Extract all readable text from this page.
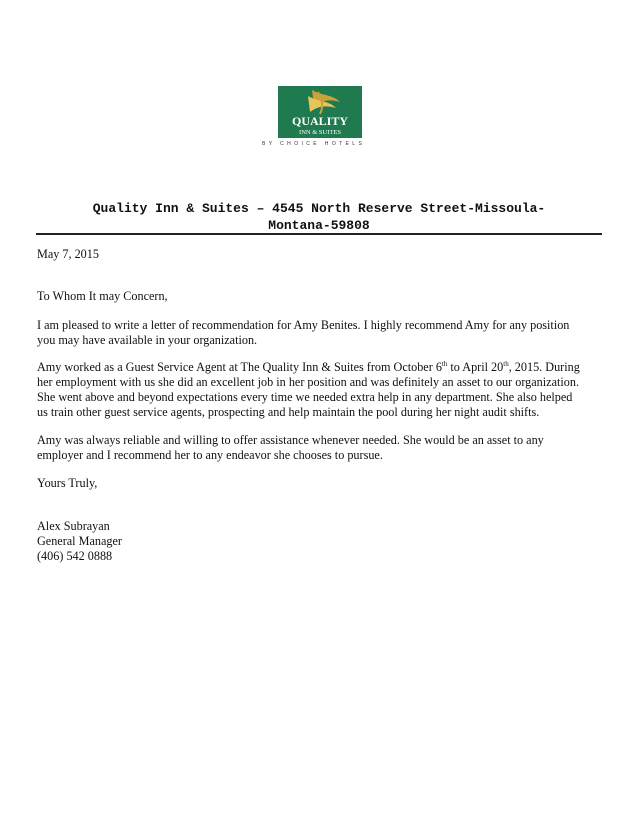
QUALITY
INN & SUITES
BY CHOICE HOTELS
Quality Inn & Suites – 4545 North Reserve Street-Missoula-
Montana-59808
May 7, 2015
To Whom It may Concern,
I am pleased to write a letter of recommendation for Amy Benites. I highly recommend Amy for any position
you may have available in your organization.
Amy worked as a Guest Service Agent at The Quality Inn & Suites from October 6th to April 20th, 2015. During
her employment with us she did an excellent job in her position and was definitely an asset to our organization.
She went above and beyond expectations every time we needed extra help in any department. She also helped
us train other guest service agents, prospecting and help maintain the pool during her night audit shifts.
Amy was always reliable and willing to offer assistance whenever needed. She would be an asset to any
employer and I recommend her to any endeavor she chooses to pursue.
Yours Truly,
Alex Subrayan
General Manager
(406) 542 0888
